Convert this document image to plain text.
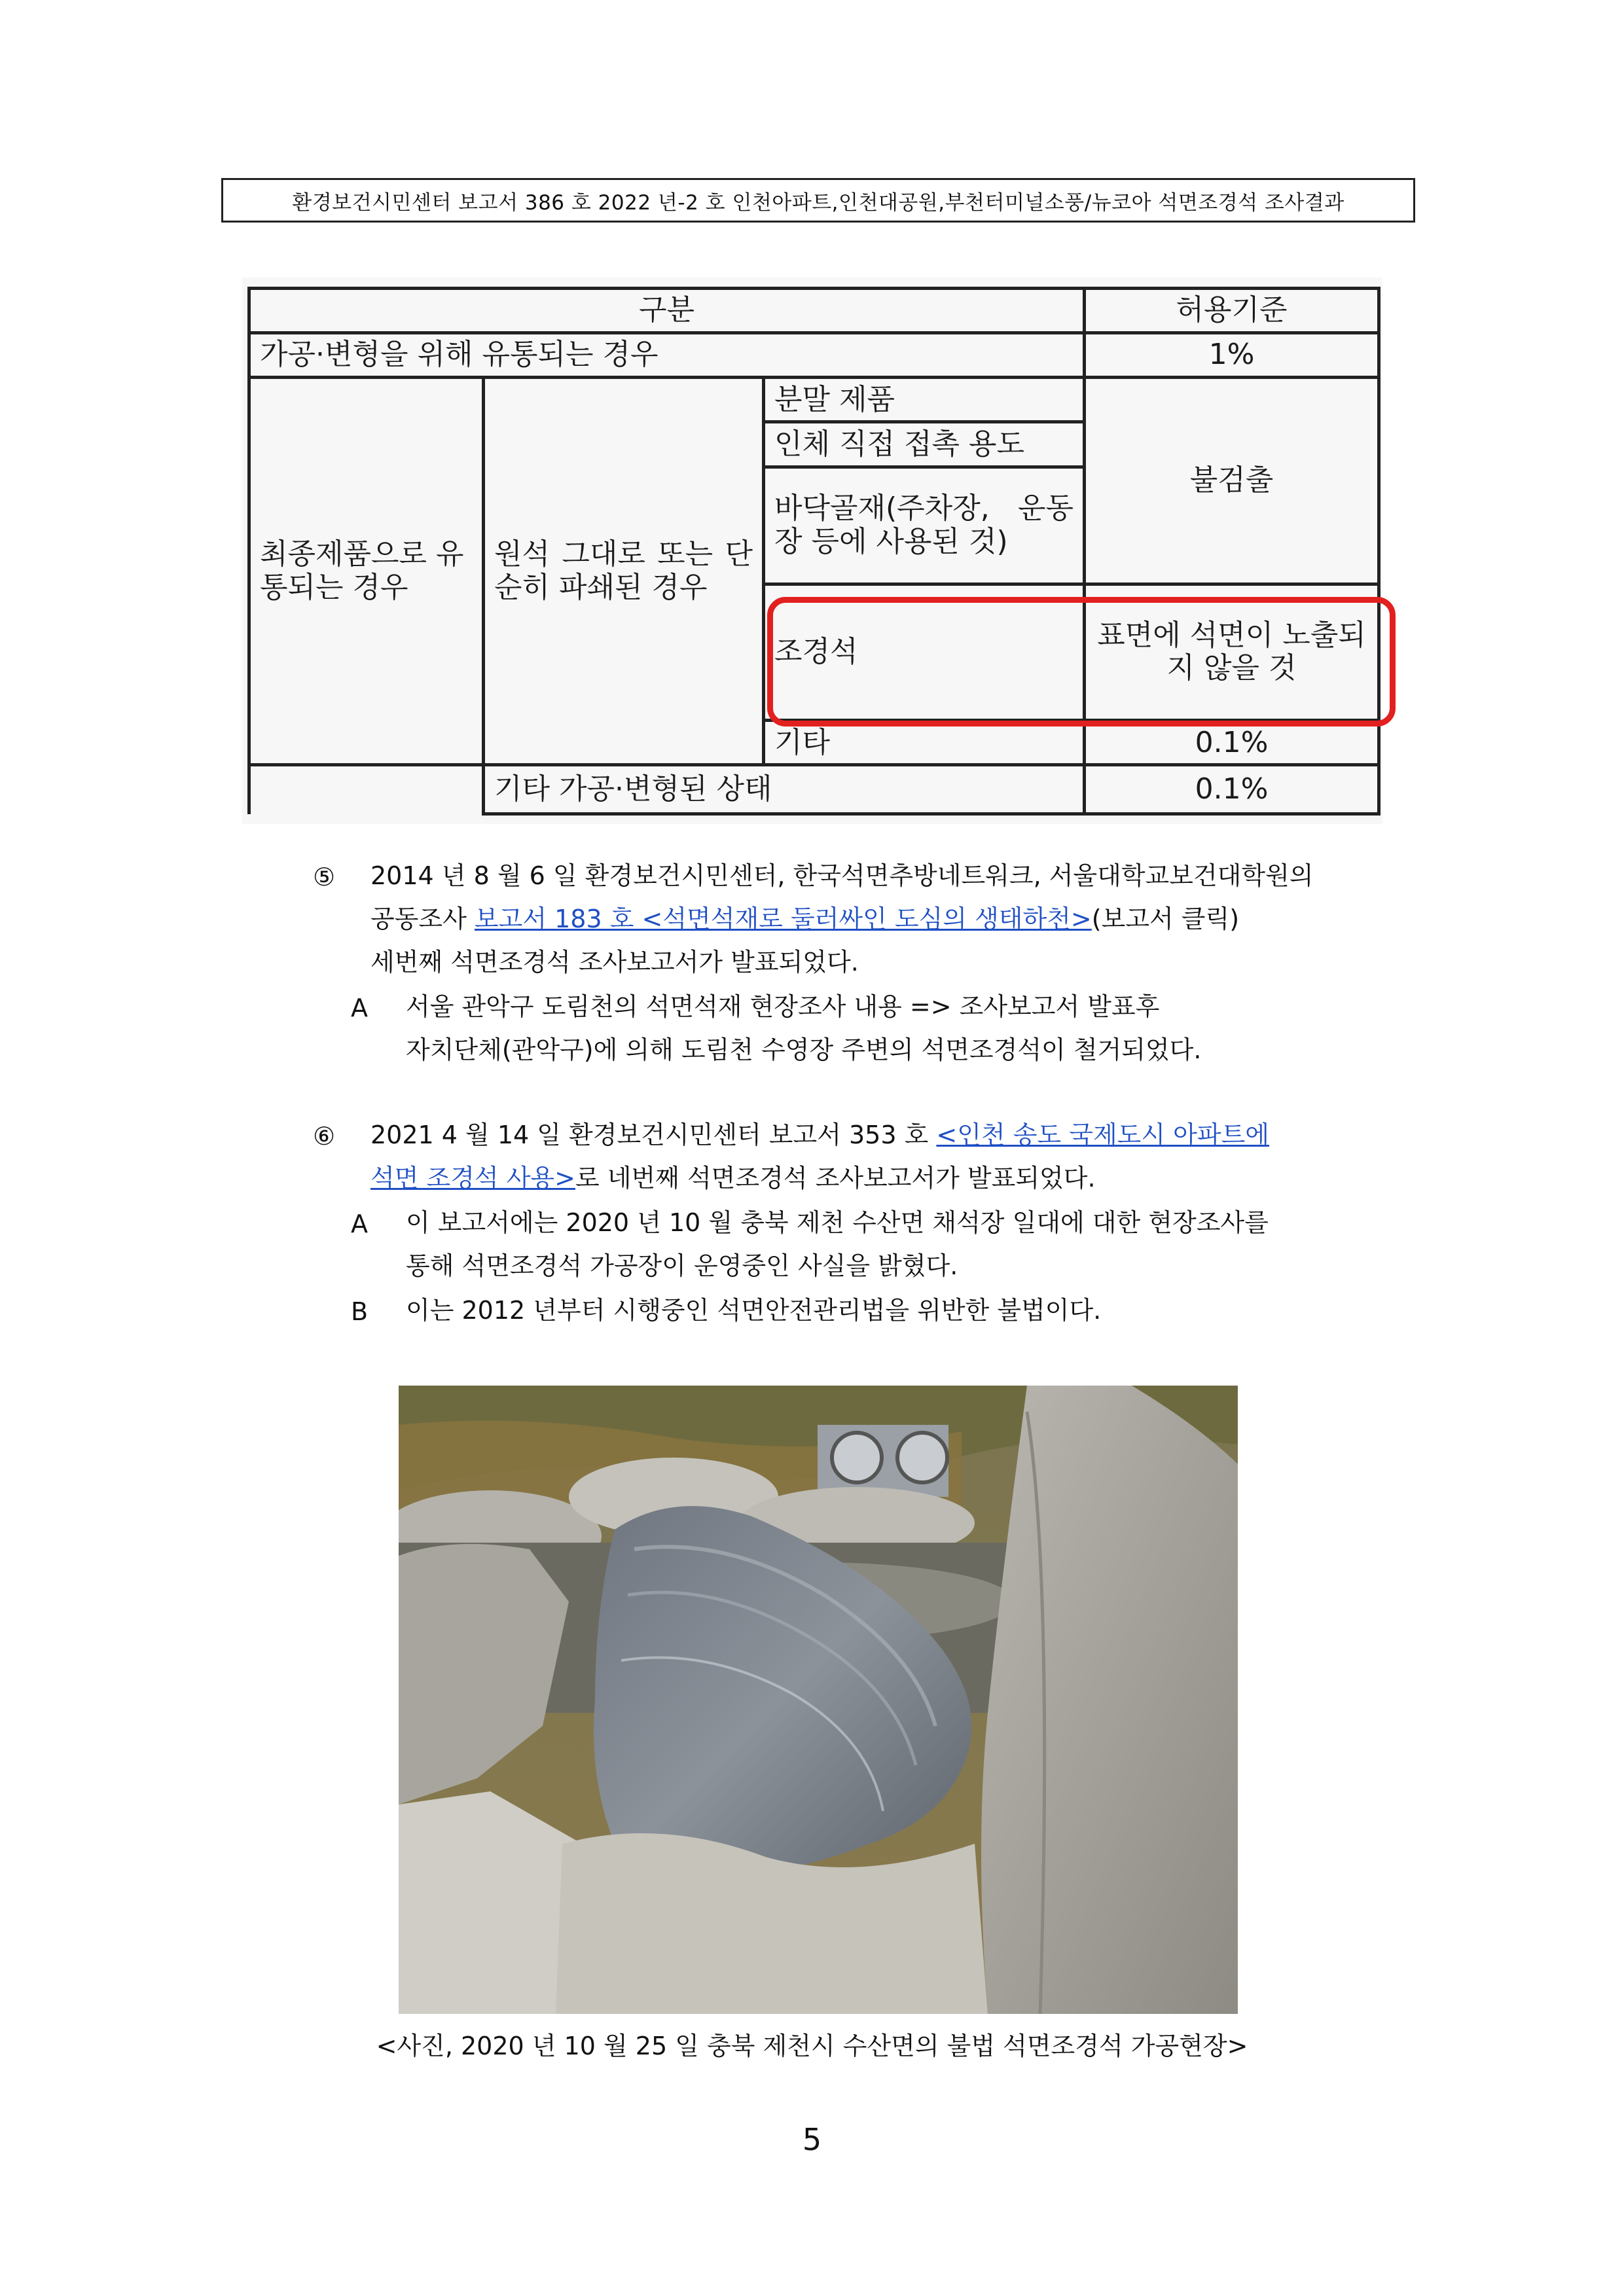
환경보건시민센터 보고서 386 호 2022 년-2 호 인천아파트,인천대공원,부천터미널소풍/뉴코아 석면조경석 조사결과
구분			허용기준
가공·변형을 위해 유통되는 경우			1%
최종제품으로 유통되는 경우	원석 그대로 또는 단순히 파쇄된 경우	분말 제품	불검출
		인체 직접 접촉 용도	
		바닥골재(주차장, 운동장 등에 사용된 것)	
		조경석	표면에 석면이 노출되지 않을 것
		기타	0.1%
	기타 가공·변형된 상태		0.1%
⑤ 2014 년 8 월 6 일 환경보건시민센터, 한국석면추방네트워크, 서울대학교보건대학원의
공동조사 보고서 183 호 <석면석재로 둘러싸인 도심의 생태하천>(보고서 클릭)
세번째 석면조경석 조사보고서가 발표되었다.
A 서울 관악구 도림천의 석면석재 현장조사 내용 => 조사보고서 발표후
자치단체(관악구)에 의해 도림천 수영장 주변의 석면조경석이 철거되었다.
⑥ 2021 4 월 14 일 환경보건시민센터 보고서 353 호 <인천 송도 국제도시 아파트에
석면 조경석 사용>로 네번째 석면조경석 조사보고서가 발표되었다.
A 이 보고서에는 2020 년 10 월 충북 제천 수산면 채석장 일대에 대한 현장조사를
통해 석면조경석 가공장이 운영중인 사실을 밝혔다.
B 이는 2012 년부터 시행중인 석면안전관리법을 위반한 불법이다.
<사진, 2020 년 10 월 25 일 충북 제천시 수산면의 불법 석면조경석 가공현장>
5
